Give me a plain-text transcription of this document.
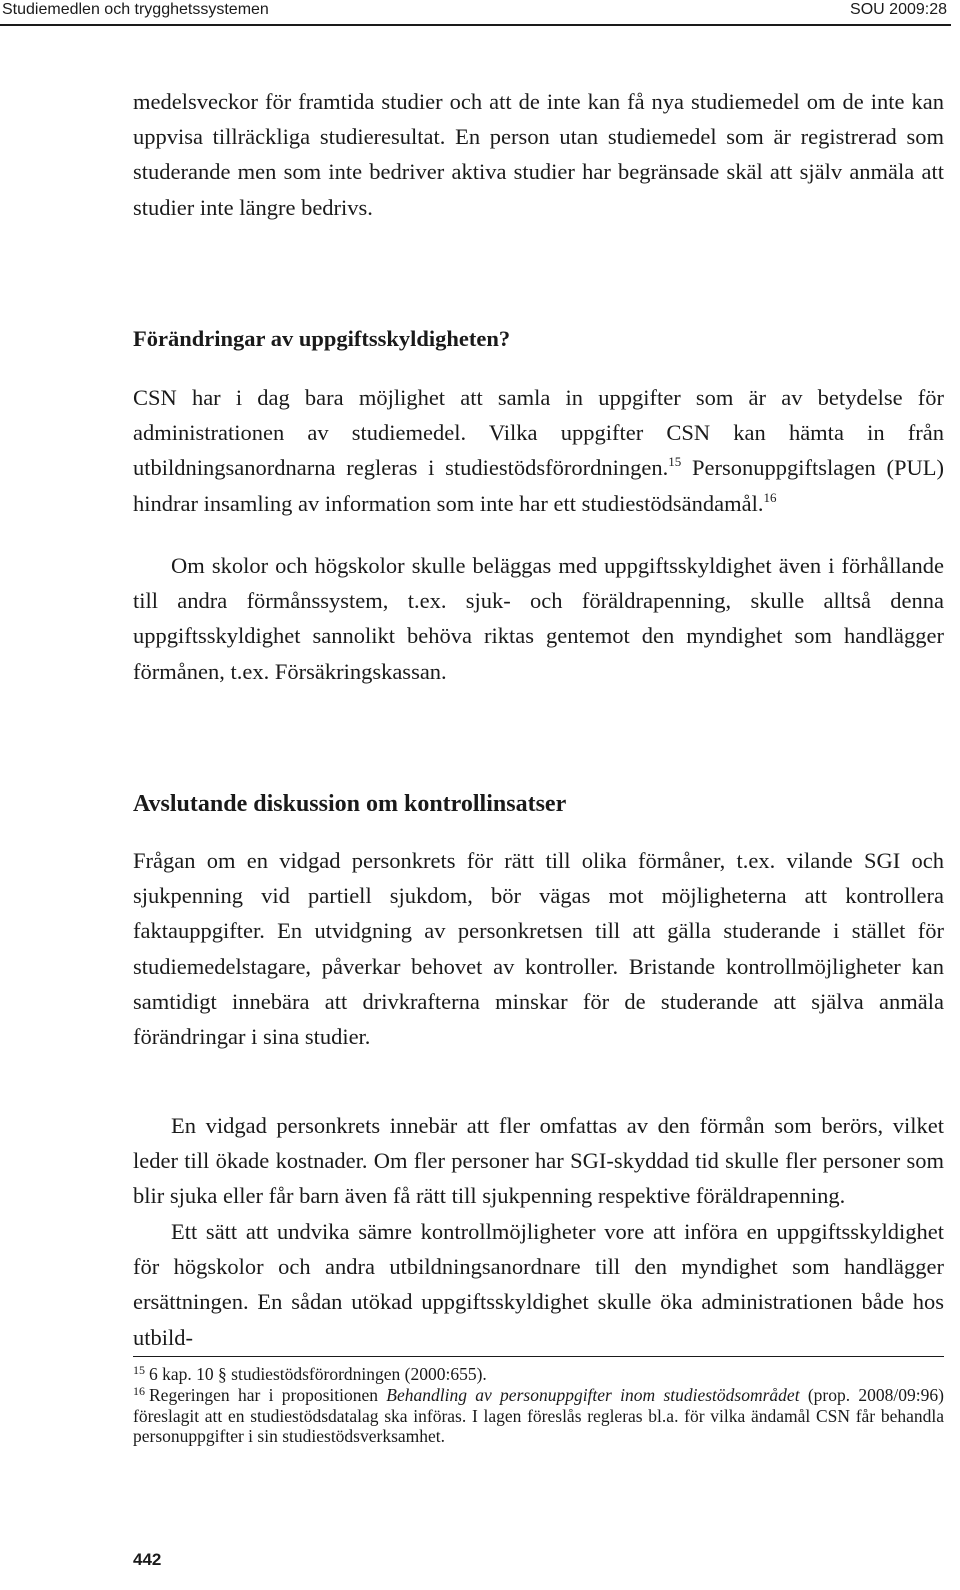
Studiemedlen och trygghetssystemen	SOU 2009:28

medelsveckor för framtida studier och att de inte kan få nya studiemedel om de inte kan uppvisa tillräckliga studieresultat. En person utan studiemedel som är registrerad som studerande men som inte bedriver aktiva studier har begränsade skäl att själv anmäla att studier inte längre bedrivs.

Förändringar av uppgiftsskyldigheten?

CSN har i dag bara möjlighet att samla in uppgifter som är av betydelse för administrationen av studiemedel. Vilka uppgifter CSN kan hämta in från utbildningsanordnarna regleras i studiestödsförordningen.$^{15}$ Personuppgiftslagen (PUL) hindrar insamling av information som inte har ett studiestödsändamål.$^{16}$

Om skolor och högskolor skulle beläggas med uppgiftsskyldighet även i förhållande till andra förmånssystem, t.ex. sjuk- och föräldrapenning, skulle alltså denna uppgiftsskyldighet sannolikt behöva riktas gentemot den myndighet som handlägger förmånen, t.ex. Försäkringskassan.

Avslutande diskussion om kontrollinsatser

Frågan om en vidgad personkrets för rätt till olika förmåner, t.ex. vilande SGI och sjukpenning vid partiell sjukdom, bör vägas mot möjligheterna att kontrollera faktauppgifter. En utvidgning av personkretsen till att gälla studerande i stället för studiemedelstagare, påverkar behovet av kontroller. Bristande kontrollmöjligheter kan samtidigt innebära att drivkrafterna minskar för de studerande att själva anmäla förändringar i sina studier.

En vidgad personkrets innebär att fler omfattas av den förmån som berörs, vilket leder till ökade kostnader. Om fler personer har SGI-skyddad tid skulle fler personer som blir sjuka eller får barn även få rätt till sjukpenning respektive föräldrapenning.

Ett sätt att undvika sämre kontrollmöjligheter vore att införa en uppgiftsskyldighet för högskolor och andra utbildningsanordnare till den myndighet som handlägger ersättningen. En sådan utökad uppgiftsskyldighet skulle öka administrationen både hos utbild-

$^{15}$ 6 kap. 10 § studiestödsförordningen (2000:655).

$^{16}$ Regeringen har i propositionen Behandling av personuppgifter inom studiestödsområdet (prop. 2008/09:96) föreslagit att en studiestödsdatalag ska införas. I lagen föreslås regleras bl.a. för vilka ändamål CSN får behandla personuppgifter i sin studiestödsverksamhet.

442
